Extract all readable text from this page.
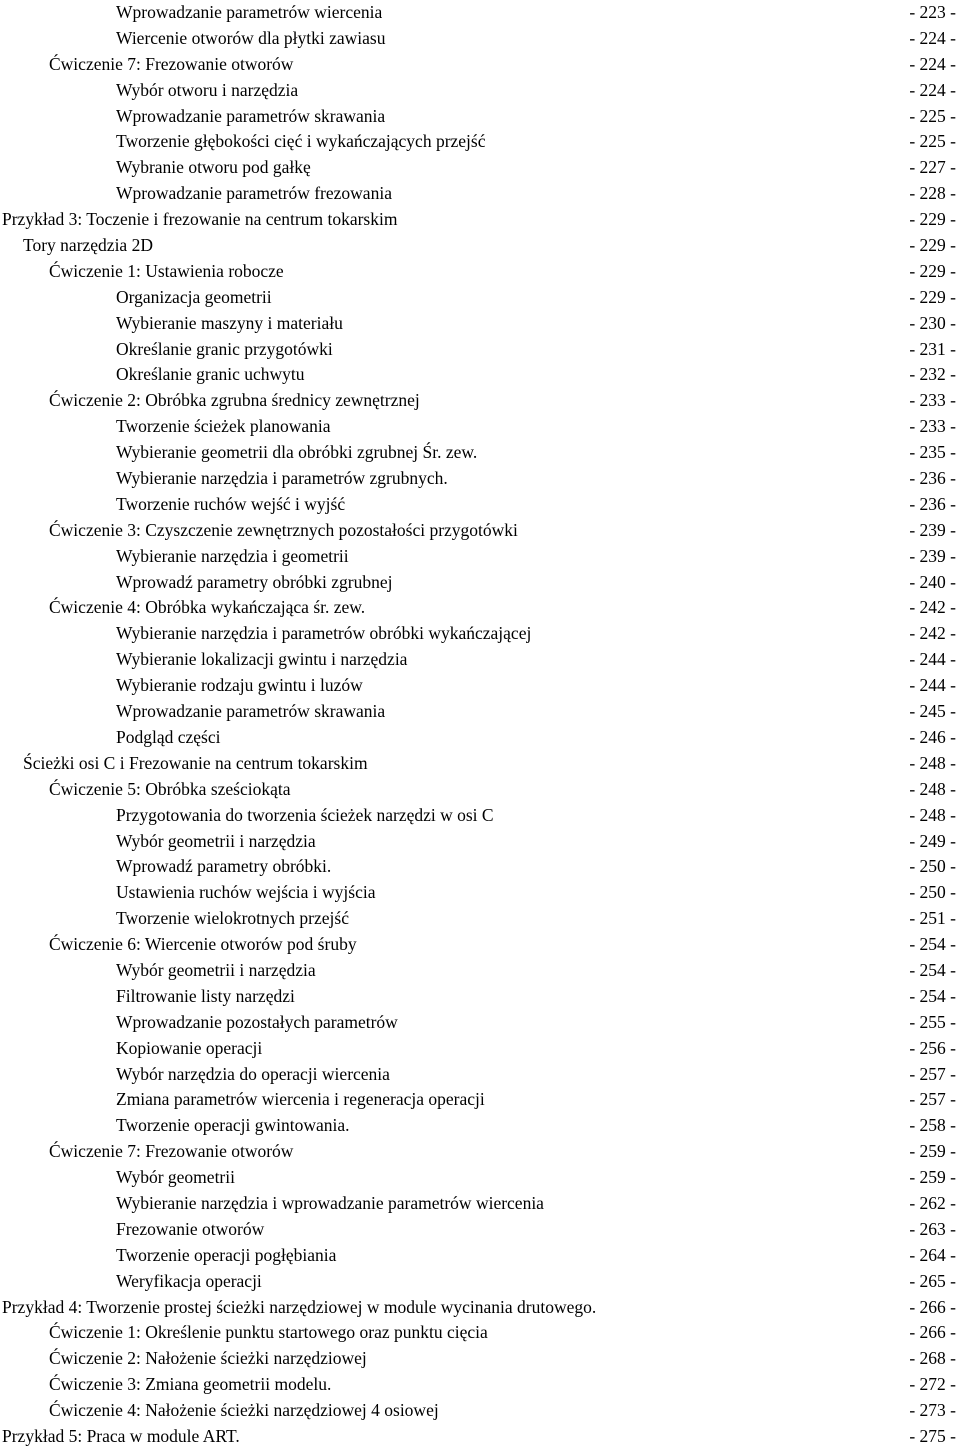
Wprowadzanie parametrów wiercenia	- 223 -
Wiercenie otworów dla płytki zawiasu	- 224 -
Ćwiczenie 7: Frezowanie otworów	- 224 -
Wybór otworu i narzędzia	- 224 -
Wprowadzanie parametrów skrawania	- 225 -
Tworzenie głębokości cięć i wykańczających przejść	- 225 -
Wybranie otworu pod gałkę	- 227 -
Wprowadzanie parametrów frezowania	- 228 -
Przykład 3: Toczenie i frezowanie na centrum tokarskim	- 229 -
Tory narzędzia 2D	- 229 -
Ćwiczenie 1: Ustawienia robocze	- 229 -
Organizacja geometrii	- 229 -
Wybieranie maszyny i materiału	- 230 -
Określanie granic przygotówki	- 231 -
Określanie granic uchwytu	- 232 -
Ćwiczenie 2: Obróbka zgrubna średnicy zewnętrznej	- 233 -
Tworzenie ścieżek planowania	- 233 -
Wybieranie geometrii dla obróbki zgrubnej Śr. zew.	- 235 -
Wybieranie narzędzia i parametrów zgrubnych.	- 236 -
Tworzenie ruchów wejść i wyjść	- 236 -
Ćwiczenie 3: Czyszczenie zewnętrznych pozostałości przygotówki	- 239 -
Wybieranie narzędzia i geometrii	- 239 -
Wprowadź parametry obróbki zgrubnej	- 240 -
Ćwiczenie 4: Obróbka wykańczająca śr. zew.	- 242 -
Wybieranie narzędzia i parametrów obróbki wykańczającej	- 242 -
Wybieranie lokalizacji gwintu i narzędzia	- 244 -
Wybieranie rodzaju gwintu i luzów	- 244 -
Wprowadzanie parametrów skrawania	- 245 -
Podgląd części	- 246 -
Ścieżki osi C i Frezowanie na centrum tokarskim	- 248 -
Ćwiczenie 5: Obróbka sześciokąta	- 248 -
Przygotowania do tworzenia ścieżek narzędzi w osi C	- 248 -
Wybór geometrii i narzędzia	- 249 -
Wprowadź parametry obróbki.	- 250 -
Ustawienia ruchów wejścia i wyjścia	- 250 -
Tworzenie wielokrotnych przejść	- 251 -
Ćwiczenie 6: Wiercenie otworów pod śruby	- 254 -
Wybór geometrii i narzędzia	- 254 -
Filtrowanie listy narzędzi	- 254 -
Wprowadzanie pozostałych parametrów	- 255 -
Kopiowanie operacji	- 256 -
Wybór narzędzia do operacji wiercenia	- 257 -
Zmiana parametrów wiercenia i regeneracja operacji	- 257 -
Tworzenie operacji gwintowania.	- 258 -
Ćwiczenie 7: Frezowanie otworów	- 259 -
Wybór geometrii	- 259 -
Wybieranie narzędzia i wprowadzanie parametrów wiercenia	- 262 -
Frezowanie otworów	- 263 -
Tworzenie operacji pogłębiania	- 264 -
Weryfikacja operacji	- 265 -
Przykład 4: Tworzenie prostej ścieżki narzędziowej w module wycinania drutowego.	- 266 -
Ćwiczenie 1: Określenie punktu startowego oraz punktu cięcia	- 266 -
Ćwiczenie 2: Nałożenie ścieżki narzędziowej	- 268 -
Ćwiczenie 3: Zmiana geometrii modelu.	- 272 -
Ćwiczenie 4: Nałożenie ścieżki narzędziowej 4 osiowej	- 273 -
Przykład 5: Praca w module ART.	- 275 -
